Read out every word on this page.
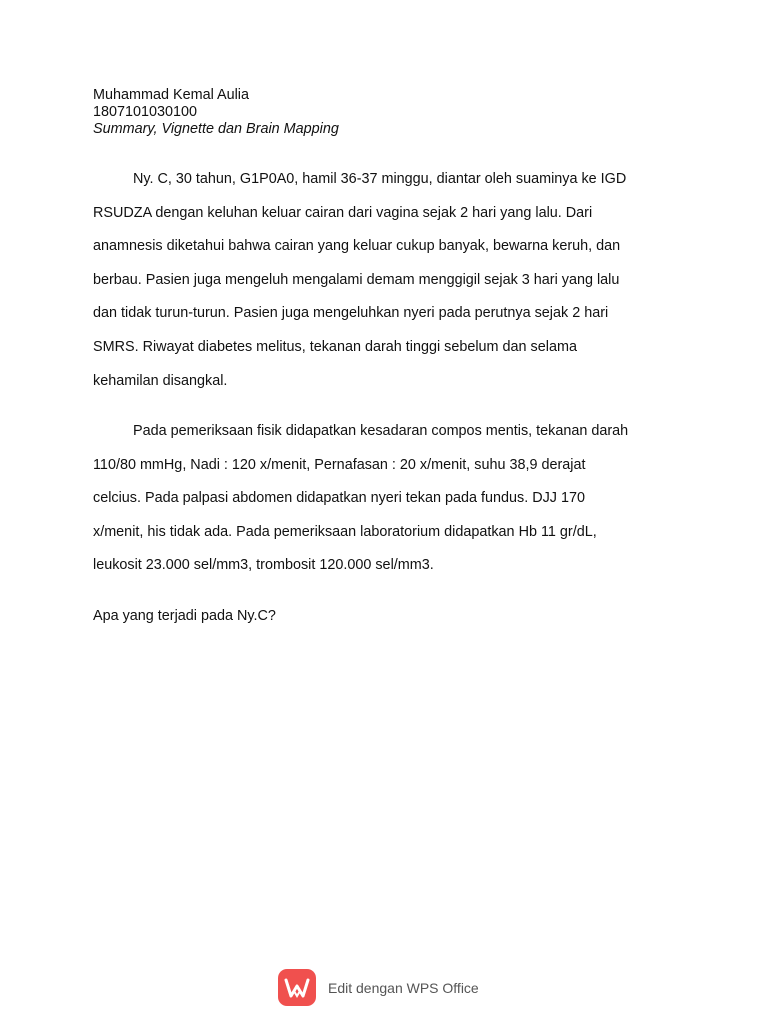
Muhammad Kemal Aulia
1807101030100
Summary, Vignette dan Brain Mapping

Ny. C, 30 tahun, G1P0A0, hamil 36-37 minggu, diantar oleh suaminya ke IGD

RSUDZA dengan keluhan keluar cairan dari vagina sejak 2 hari yang lalu. Dari

anamnesis diketahui bahwa cairan yang keluar cukup banyak, bewarna keruh, dan

berbau. Pasien juga mengeluh mengalami demam menggigil sejak 3 hari yang lalu

dan tidak turun-turun. Pasien juga mengeluhkan nyeri pada perutnya sejak 2 hari

SMRS. Riwayat diabetes melitus, tekanan darah tinggi sebelum dan selama

kehamilan disangkal.

Pada pemeriksaan fisik didapatkan kesadaran compos mentis, tekanan darah

110/80 mmHg, Nadi : 120 x/menit, Pernafasan : 20 x/menit, suhu 38,9 derajat

celcius. Pada palpasi abdomen didapatkan nyeri tekan pada fundus. DJJ 170

x/menit, his tidak ada. Pada pemeriksaan laboratorium didapatkan Hb 11 gr/dL,

leukosit 23.000 sel/mm3, trombosit 120.000 sel/mm3.

Apa yang terjadi pada Ny.C?
Edit dengan WPS Office
